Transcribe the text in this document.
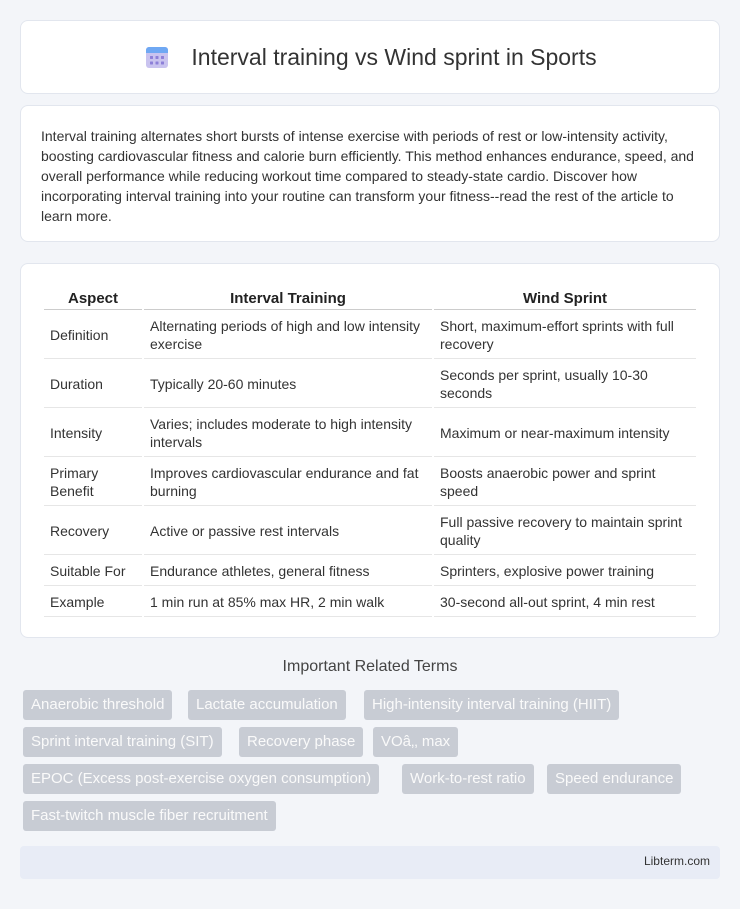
Interval training vs Wind sprint in Sports

Interval training alternates short bursts of intense exercise with periods of rest or low-intensity activity, boosting cardiovascular fitness and calorie burn efficiently. This method enhances endurance, speed, and overall performance while reducing workout time compared to steady-state cardio. Discover how incorporating interval training into your routine can transform your fitness--read the rest of the article to learn more.

Aspect	Interval Training	Wind Sprint
Definition	Alternating periods of high and low intensity exercise	Short, maximum-effort sprints with full recovery
Duration	Typically 20-60 minutes	Seconds per sprint, usually 10-30 seconds
Intensity	Varies; includes moderate to high intensity intervals	Maximum or near-maximum intensity
Primary Benefit	Improves cardiovascular endurance and fat burning	Boosts anaerobic power and sprint speed
Recovery	Active or passive rest intervals	Full passive recovery to maintain sprint quality
Suitable For	Endurance athletes, general fitness	Sprinters, explosive power training
Example	1 min run at 85% max HR, 2 min walk	30-second all-out sprint, 4 min rest
Important Related Terms
Anaerobic threshold	Lactate accumulation	High-intensity interval training (HIIT)
Sprint interval training (SIT)	Recovery phase	VOâ‚‚ max
EPOC (Excess post-exercise oxygen consumption)	Work-to-rest ratio	Speed endurance
Fast-twitch muscle fiber recruitment
Libterm.com
